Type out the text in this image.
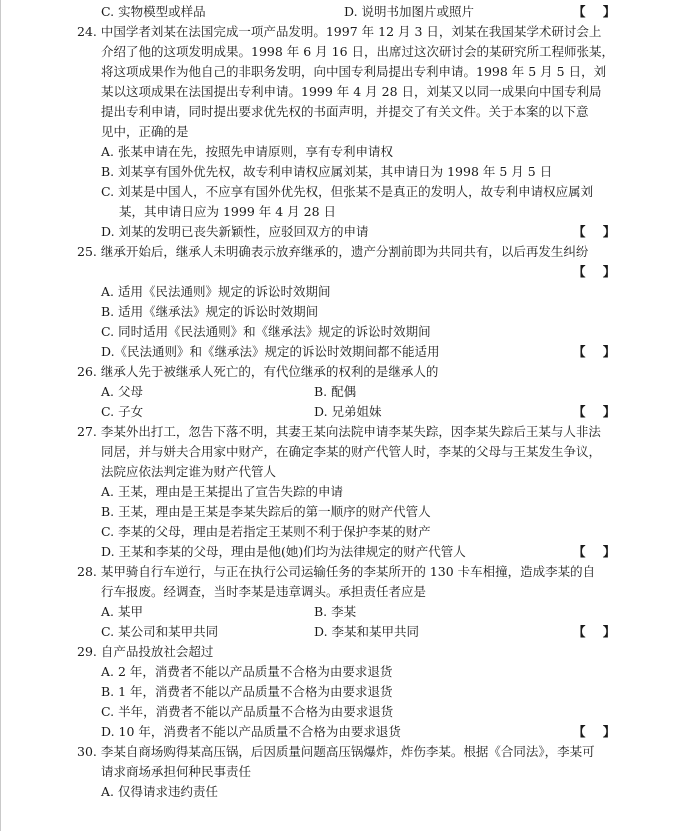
C. 实物模型或样品	D. 说明书加图片或照片	【    】
24. 中国学者刘某在法国完成一项产品发明。1997 年 12 月 3 日，刘某在我国某学术研讨会上
介绍了他的这项发明成果。1998 年 6 月 16 日，出席过这次研讨会的某研究所工程师张某，
将这项成果作为他自己的非职务发明，向中国专利局提出专利申请。1998 年 5 月 5 日，刘
某以这项成果在法国提出专利申请。1999 年 4 月 28 日，刘某又以同一成果向中国专利局
提出专利申请，同时提出要求优先权的书面声明，并提交了有关文件。关于本案的以下意
见中，正确的是
A. 张某申请在先，按照先申请原则，享有专利申请权
B. 刘某享有国外优先权，故专利申请权应属刘某，其申请日为 1998 年 5 月 5 日
C. 刘某是中国人，不应享有国外优先权，但张某不是真正的发明人，故专利申请权应属刘
某，其申请日应为 1999 年 4 月 28 日
D. 刘某的发明已丧失新颖性，应驳回双方的申请	【    】
25. 继承开始后，继承人未明确表示放弃继承的，遗产分割前即为共同共有，以后再发生纠纷
【    】
A. 适用《民法通则》规定的诉讼时效期间
B. 适用《继承法》规定的诉讼时效期间
C. 同时适用《民法通则》和《继承法》规定的诉讼时效期间
D.《民法通则》和《继承法》规定的诉讼时效期间都不能适用	【    】
26. 继承人先于被继承人死亡的，有代位继承的权利的是继承人的
A. 父母	B. 配偶
C. 子女	D. 兄弟姐妹	【    】
27. 李某外出打工，忽告下落不明，其妻王某向法院申请李某失踪，因李某失踪后王某与人非法
同居，并与姘夫合用家中财产，在确定李某的财产代管人时，李某的父母与王某发生争议，
法院应依法判定谁为财产代管人
A. 王某，理由是王某提出了宣告失踪的申请
B. 王某，理由是王某是李某失踪后的第一顺序的财产代管人
C. 李某的父母，理由是若指定王某则不利于保护李某的财产
D. 王某和李某的父母，理由是他(她)们均为法律规定的财产代管人	【    】
28. 某甲骑自行车逆行，与正在执行公司运输任务的李某所开的 130 卡车相撞，造成李某的自
行车报废。经调查，当时李某是违章调头。承担责任者应是
A. 某甲	B. 李某
C. 某公司和某甲共同	D. 李某和某甲共同	【    】
29. 自产品投放社会超过
A. 2 年，消费者不能以产品质量不合格为由要求退货
B. 1 年，消费者不能以产品质量不合格为由要求退货
C. 半年，消费者不能以产品质量不合格为由要求退货
D. 10 年，消费者不能以产品质量不合格为由要求退货	【    】
30. 李某自商场购得某高压锅，后因质量问题高压锅爆炸，炸伤李某。根据《合同法》，李某可
请求商场承担何种民事责任
A. 仅得请求违约责任
